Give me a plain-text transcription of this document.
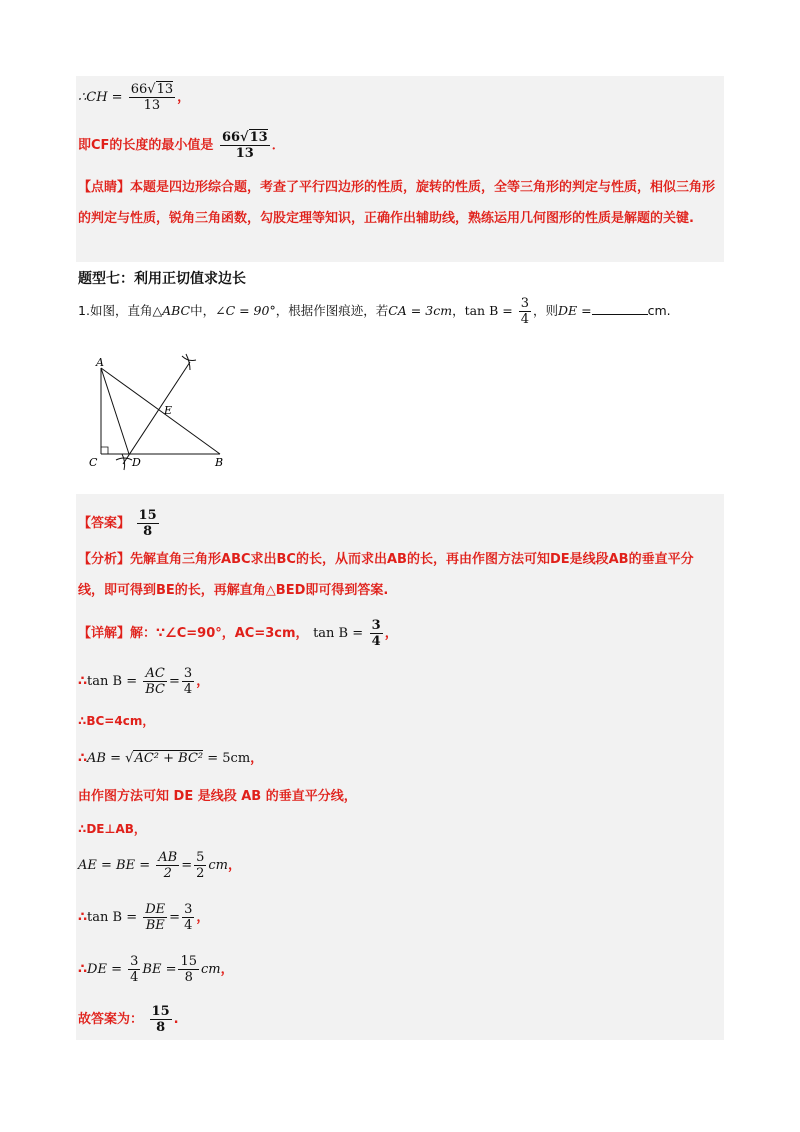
∴CH = $\frac{66√13}{13}$ ，
即CF的长度的最小值是 $\frac{66√13}{13}$ ．
【点睛】本题是四边形综合题，考查了平行四边形的性质，旋转的性质，全等三角形的判定与性质，相似三角形的判定与性质，锐角三角函数，勾股定理等知识，正确作出辅助线，熟练运用几何图形的性质是解题的关键.
题型七：利用正切值求边长
1.如图，直角△ABC中，∠C = 90°，根据作图痕迹，若CA = 3cm，$\tan B = \frac{3}{4}$ ，则DE =	cm.
A
C	D	B
E
【答案】 $\frac{15}{8}$
【分析】先解直角三角形ABC求出BC的长，从而求出AB的长，再由作图方法可知DE是线段AB的垂直平分线，即可得到BE的长，再解直角△BED即可得到答案.
【详解】解：∵∠C=90°，AC=3cm， $\tan B = \frac{3}{4}$ ，
∴tan $B = \frac{AC}{BC} = \frac{3}{4}$ ，
∴BC=4cm，
∴AB = √AC² + BC² = 5cm，
由作图方法可知 DE 是线段 AB 的垂直平分线，
∴DE⊥AB，
AE = BE = $\frac{AB}{2} = \frac{5}{2}$ cm，
∴tan $B = \frac{DE}{BE} = \frac{3}{4}$ ，
∴DE = $\frac{3}{4}$ BE = $\frac{15}{8}$ cm，
故答案为： $\frac{15}{8}$ .
